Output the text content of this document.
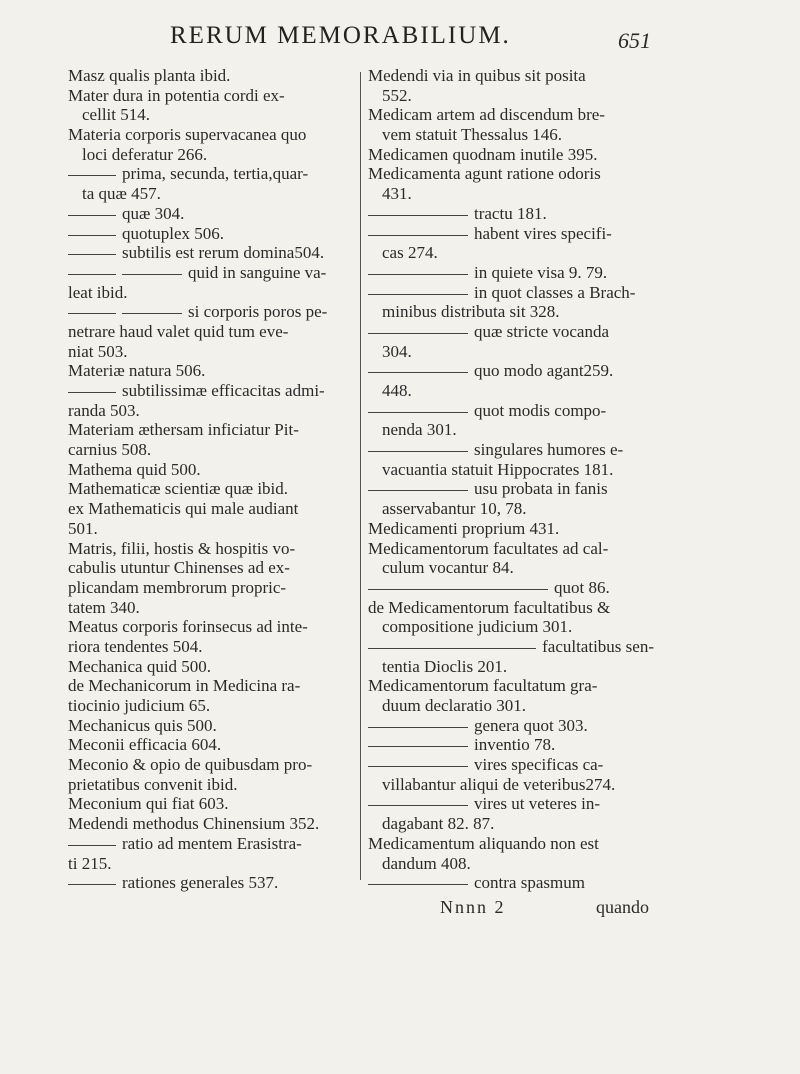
RERUM MEMORABILIUM.	651
Masz qualis planta ibid.
Mater dura in potentia cordi ex-
cellit 514.
Materia corporis supervacanea quo
loci deferatur 266.
prima, secunda, tertia,quar-
ta quæ 457.
quæ 304.
quotuplex 506.
subtilis est rerum domina504.
quid in sanguine va-
leat ibid.
si corporis poros pe-
netrare haud valet quid tum eve-
niat 503.
Materiæ natura 506.
subtilissimæ efficacitas admi-
randa 503.
Materiam æthersam inficiatur Pit-
carnius 508.
Mathema quid 500.
Mathematicæ scientiæ quæ ibid.
ex Mathematicis qui male audiant
501.
Matris, filii, hostis & hospitis vo-
cabulis utuntur Chinenses ad ex-
plicandam membrorum propric-
tatem 340.
Meatus corporis forinsecus ad inte-
riora tendentes 504.
Mechanica quid 500.
de Mechanicorum in Medicina ra-
tiocinio judicium 65.
Mechanicus quis 500.
Meconii efficacia 604.
Meconio & opio de quibusdam pro-
prietatibus convenit ibid.
Meconium qui fiat 603.
Medendi methodus Chinensium 352.
ratio ad mentem Erasistra-
ti 215.
rationes generales 537.
Medendi via in quibus sit posita
552.
Medicam artem ad discendum bre-
vem statuit Thessalus 146.
Medicamen quodnam inutile 395.
Medicamenta agunt ratione odoris
431.
tractu 181.
habent vires specifi-
cas 274.
in quiete visa 9. 79.
in quot classes a Brach-
minibus distributa sit 328.
quæ stricte vocanda
304.
quo modo agant259.
448.
quot modis compo-
nenda 301.
singulares humores e-
vacuantia statuit Hippocrates 181.
usu probata in fanis
asservabantur 10, 78.
Medicamenti proprium 431.
Medicamentorum facultates ad cal-
culum vocantur 84.
quot 86.
de Medicamentorum facultatibus &
compositione judicium 301.
facultatibus sen-
tentia Dioclis 201.
Medicamentorum facultatum gra-
duum declaratio 301.
genera quot 303.
inventio 78.
vires specificas ca-
villabantur aliqui de veteribus274.
vires ut veteres in-
dagabant 82. 87.
Medicamentum aliquando non est
dandum 408.
contra spasmum
Nnnn 2	quando
